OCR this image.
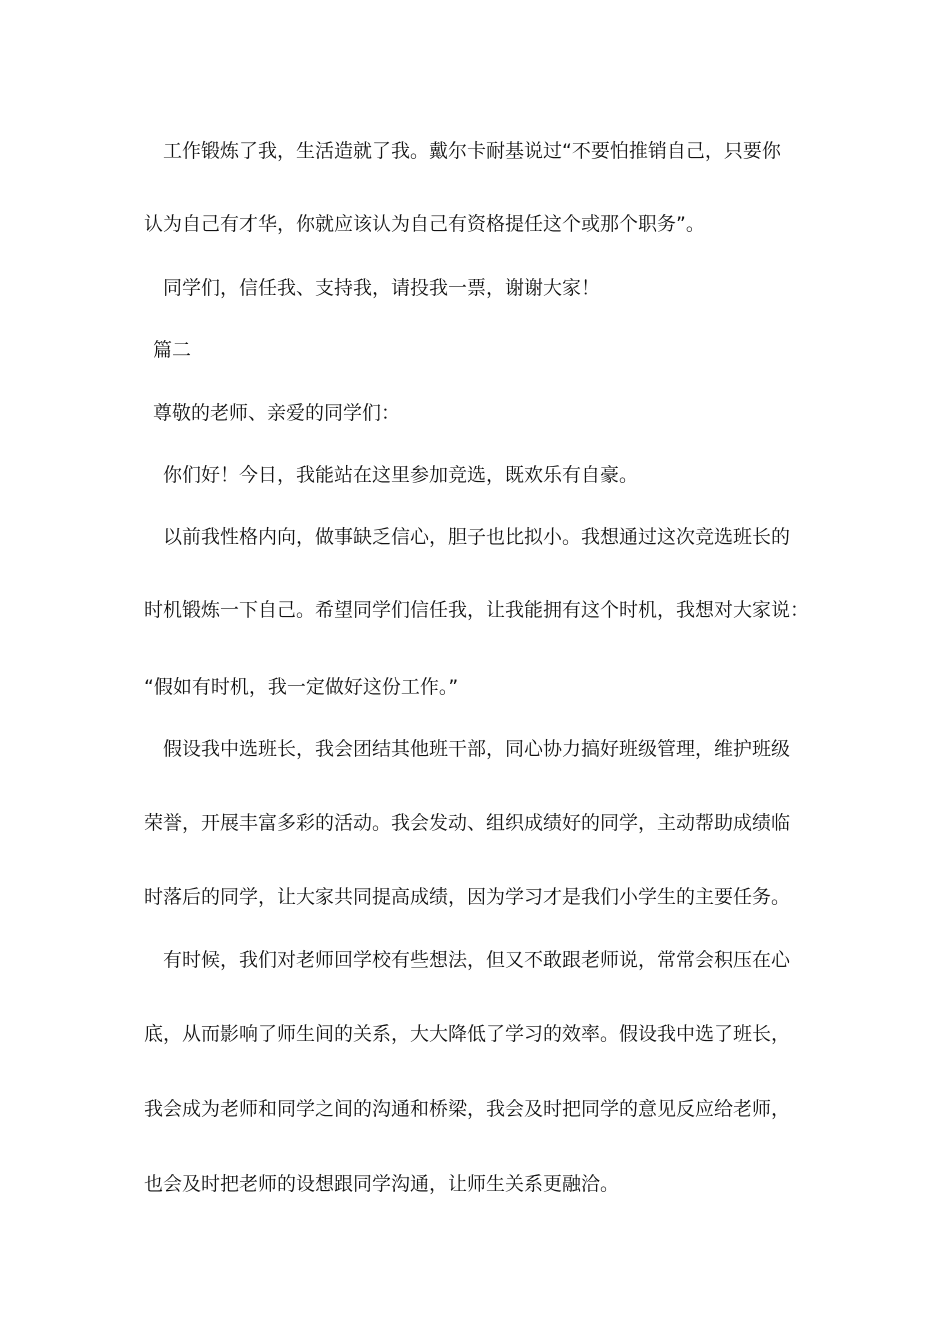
工作锻炼了我，生活造就了我。戴尔卡耐基说过“不要怕推销自己，只要你
认为自己有才华，你就应该认为自己有资格提任这个或那个职务”。
同学们，信任我、支持我，请投我一票，谢谢大家！
篇二
尊敬的老师、亲爱的同学们：
你们好！今日，我能站在这里参加竞选，既欢乐有自豪。
以前我性格内向，做事缺乏信心，胆子也比拟小。我想通过这次竞选班长的
时机锻炼一下自己。希望同学们信任我，让我能拥有这个时机，我想对大家说：
“假如有时机，我一定做好这份工作。”
假设我中选班长，我会团结其他班干部，同心协力搞好班级管理，维护班级
荣誉，开展丰富多彩的活动。我会发动、组织成绩好的同学，主动帮助成绩临
时落后的同学，让大家共同提高成绩，因为学习才是我们小学生的主要任务。
有时候，我们对老师回学校有些想法，但又不敢跟老师说，常常会积压在心
底，从而影响了师生间的关系，大大降低了学习的效率。假设我中选了班长，
我会成为老师和同学之间的沟通和桥梁，我会及时把同学的意见反应给老师，
也会及时把老师的设想跟同学沟通，让师生关系更融洽。
